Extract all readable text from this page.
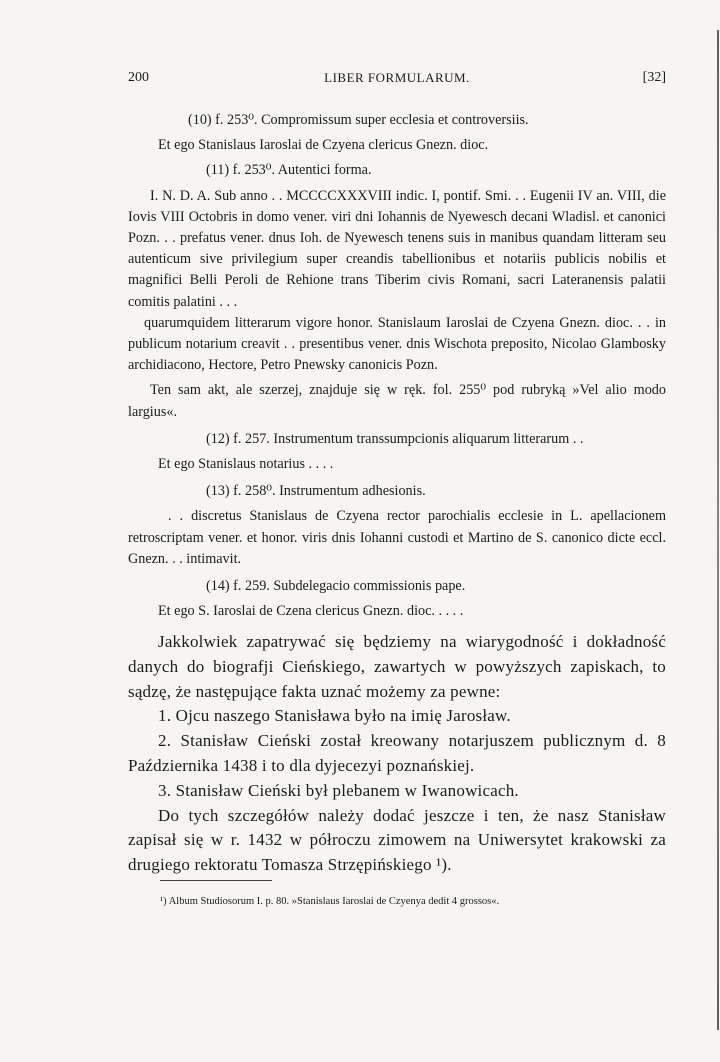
200	LIBER FORMULARUM.	[32]

(10) f. 253⁰. Compromissum super ecclesia et controversiis.

Et ego Stanislaus Iaroslai de Czyena clericus Gnezn. dioc.

(11) f. 253⁰. Autentici forma.

I. N. D. A. Sub anno . . MCCCCXXXVIII indic. I, pontif. Smi. . . Eugenii IV an. VIII, die Iovis VIII Octobris in domo vener. viri dni Iohannis de Nyewesch decani Wladisl. et canonici Pozn. . . prefatus vener. dnus Ioh. de Nyewesch tenens suis in manibus quandam litteram seu autenticum sive privilegium super creandis tabellionibus et notariis publicis nobilis et magnifici Belli Peroli de Rehione trans Tiberim civis Romani, sacri Lateranensis palatii comitis palatini . . .

quarumquidem litterarum vigore honor. Stanislaum Iaroslai de Czyena Gnezn. dioc. . . in publicum notarium creavit . . presentibus vener. dnis Wischota preposito, Nicolao Glambosky archidiacono, Hectore, Petro Pnewsky canonicis Pozn.

Ten sam akt, ale szerzej, znajduje się w ręk. fol. 255⁰ pod rubryką »Vel alio modo largius«.

(12) f. 257. Instrumentum transsumpcionis aliquarum litterarum . .

Et ego Stanislaus notarius . . . .

(13) f. 258⁰. Instrumentum adhesionis.

. . discretus Stanislaus de Czyena rector parochialis ecclesie in L. apellacionem retroscriptam vener. et honor. viris dnis Iohanni custodi et Martino de S. canonico dicte eccl. Gnezn. . . intimavit.

(14) f. 259. Subdelegacio commissionis pape.

Et ego S. Iaroslai de Czena clericus Gnezn. dioc. . . . .

Jakkolwiek zapatrywać się będziemy na wiarygodność i dokładność danych do biografji Cieńskiego, zawartych w powyższych zapiskach, to sądzę, że następujące fakta uznać możemy za pewne:

1. Ojcu naszego Stanisława było na imię Jarosław.

2. Stanisław Cieński został kreowany notarjuszem publicznym d. 8 Października 1438 i to dla dyjecezyi poznańskiej.

3. Stanisław Cieński był plebanem w Iwanowicach.

Do tych szczegółów należy dodać jeszcze i ten, że nasz Stanisław zapisał się w r. 1432 w półroczu zimowem na Uniwersytet krakowski za drugiego rektoratu Tomasza Strzępińskiego ¹).

¹) Album Studiosorum I. p. 80. »Stanislaus Iaroslai de Czyenya dedit 4 grossos«.
